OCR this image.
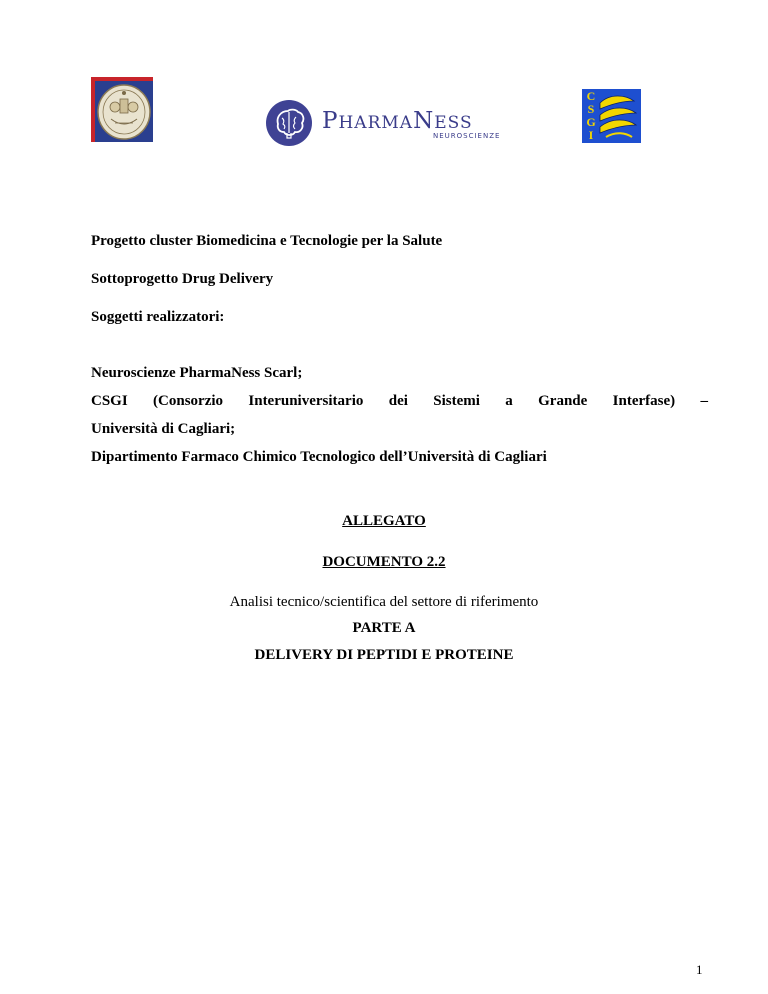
PHARMANESS
NEUROSCIENZE
C
S
G
I
Progetto cluster Biomedicina e Tecnologie per la Salute
Sottoprogetto Drug Delivery
Soggetti realizzatori:
Neuroscienze PharmaNess Scarl;
CSGI (Consorzio Interuniversitario dei Sistemi a Grande Interfase) –
Università di Cagliari;
Dipartimento Farmaco Chimico Tecnologico dell’Università di Cagliari
ALLEGATO
DOCUMENTO 2.2
Analisi tecnico/scientifica del settore di riferimento
PARTE A
DELIVERY DI PEPTIDI E PROTEINE
1
